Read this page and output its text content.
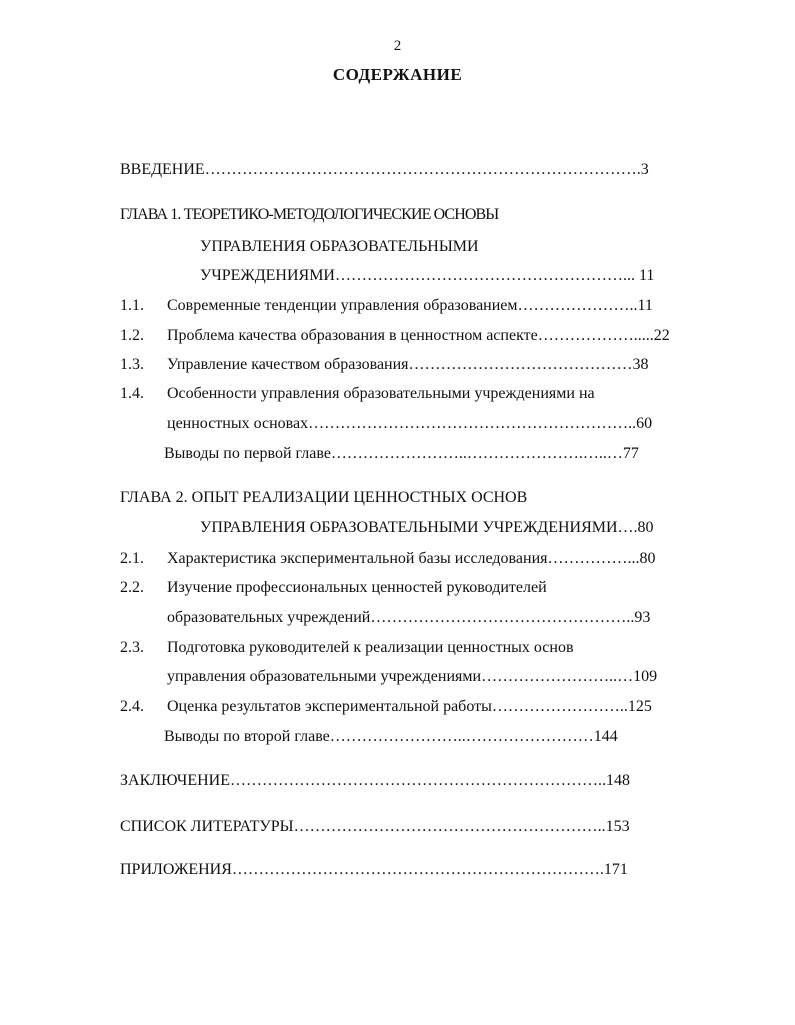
2
СОДЕРЖАНИЕ
ВВЕДЕНИЕ……………………………………………………………………….3
ГЛАВА 1. ТЕОРЕТИКО-МЕТОДОЛОГИЧЕСКИЕ ОСНОВЫ
УПРАВЛЕНИЯ ОБРАЗОВАТЕЛЬНЫМИ
УЧРЕЖДЕНИЯМИ………………………………………………... 11
1.1. Современные тенденции управления образованием…………………..11
1.2. Проблема качества образования в ценностном аспекте……………….....22
1.3. Управление качеством образования……………………………………38
1.4. Особенности управления образовательными учреждениями на
ценностных основах……………………………………………………..60
Выводы по первой главе……………………..………………….…..…77
ГЛАВА 2. ОПЫТ РЕАЛИЗАЦИИ ЦЕННОСТНЫХ ОСНОВ
УПРАВЛЕНИЯ ОБРАЗОВАТЕЛЬНЫМИ УЧРЕЖДЕНИЯМИ….80
2.1. Характеристика экспериментальной базы исследования……………...80
2.2. Изучение профессиональных ценностей руководителей
образовательных учреждений…………………………………………..93
2.3. Подготовка руководителей к реализации ценностных основ
управления образовательными учреждениями……………………..…109
2.4. Оценка результатов экспериментальной работы……………………..125
Выводы по второй главе……………………..……………………144
ЗАКЛЮЧЕНИЕ……………………………………………………………..148
СПИСОК ЛИТЕРАТУРЫ…………………………………………………..153
ПРИЛОЖЕНИЯ…………………………………………………………….171
